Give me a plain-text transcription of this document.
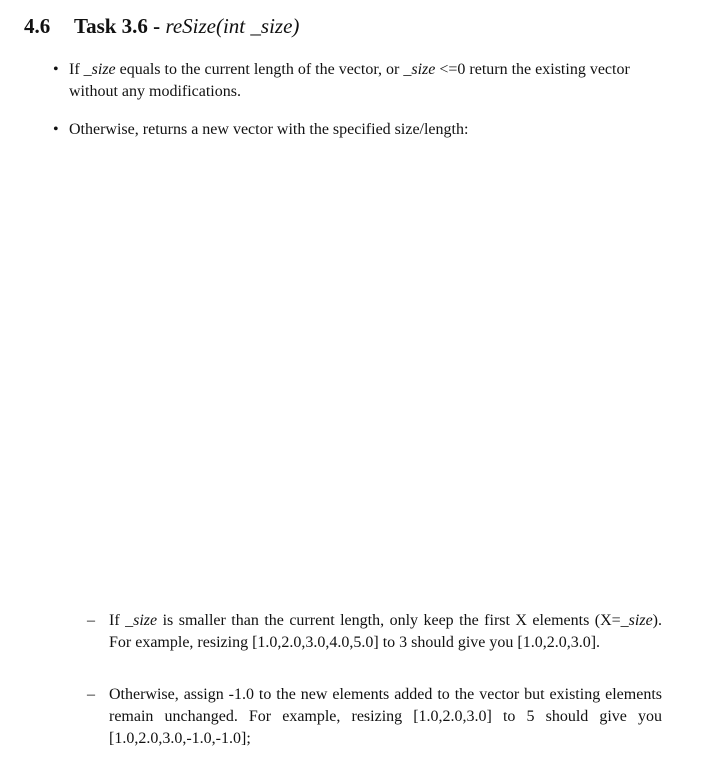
4.6 Task 3.6 - reSize(int _size)
• If _size equals to the current length of the vector, or _size <=0 return the existing vector without any modifications.
• Otherwise, returns a new vector with the specified size/length:
– If _size is smaller than the current length, only keep the first X elements (X=_size). For example, resizing [1.0,2.0,3.0,4.0,5.0] to 3 should give you [1.0,2.0,3.0].
– Otherwise, assign -1.0 to the new elements added to the vector but existing elements remain unchanged. For example, resizing [1.0,2.0,3.0] to 5 should give you [1.0,2.0,3.0,-1.0,-1.0];
